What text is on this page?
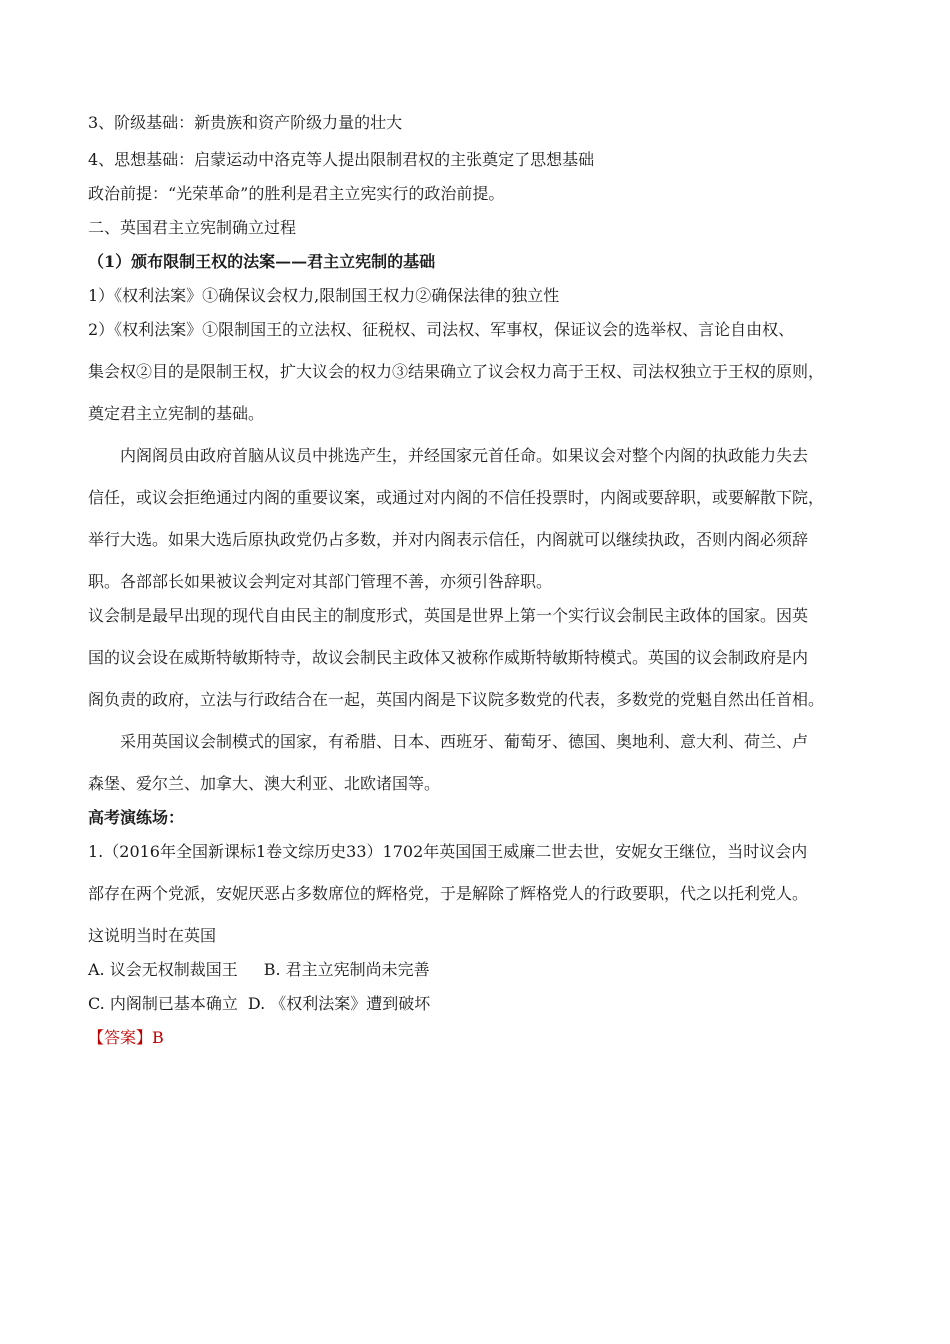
3、阶级基础：新贵族和资产阶级力量的壮大

4、思想基础：启蒙运动中洛克等人提出限制君权的主张奠定了思想基础

政治前提：“光荣革命”的胜利是君主立宪实行的政治前提。

二、英国君主立宪制确立过程

（1）颁布限制王权的法案——君主立宪制的基础

1）《权利法案》①确保议会权力,限制国王权力②确保法律的独立性

2）《权利法案》①限制国王的立法权、征税权、司法权、军事权，保证议会的选举权、言论自由权、

集会权②目的是限制王权，扩大议会的权力③结果确立了议会权力高于王权、司法权独立于王权的原则，

奠定君主立宪制的基础。

内阁阁员由政府首脑从议员中挑选产生，并经国家元首任命。如果议会对整个内阁的执政能力失去

信任，或议会拒绝通过内阁的重要议案，或通过对内阁的不信任投票时，内阁或要辞职，或要解散下院，

举行大选。如果大选后原执政党仍占多数，并对内阁表示信任，内阁就可以继续执政，否则内阁必须辞

职。各部部长如果被议会判定对其部门管理不善，亦须引咎辞职。

议会制是最早出现的现代自由民主的制度形式，英国是世界上第一个实行议会制民主政体的国家。因英

国的议会设在威斯特敏斯特寺，故议会制民主政体又被称作威斯特敏斯特模式。英国的议会制政府是内

阁负责的政府，立法与行政结合在一起，英国内阁是下议院多数党的代表，多数党的党魁自然出任首相。

采用英国议会制模式的国家，有希腊、日本、西班牙、葡萄牙、德国、奥地利、意大利、荷兰、卢

森堡、爱尔兰、加拿大、澳大利亚、北欧诸国等。

高考演练场：

1.（2016年全国新课标1卷文综历史33）1702年英国国王威廉二世去世，安妮女王继位，当时议会内

部存在两个党派，安妮厌恶占多数席位的辉格党，于是解除了辉格党人的行政要职，代之以托利党人。

这说明当时在英国

A. 议会无权制裁国王 B. 君主立宪制尚未完善

C. 内阁制已基本确立 D. 《权利法案》遭到破坏

【答案】B
